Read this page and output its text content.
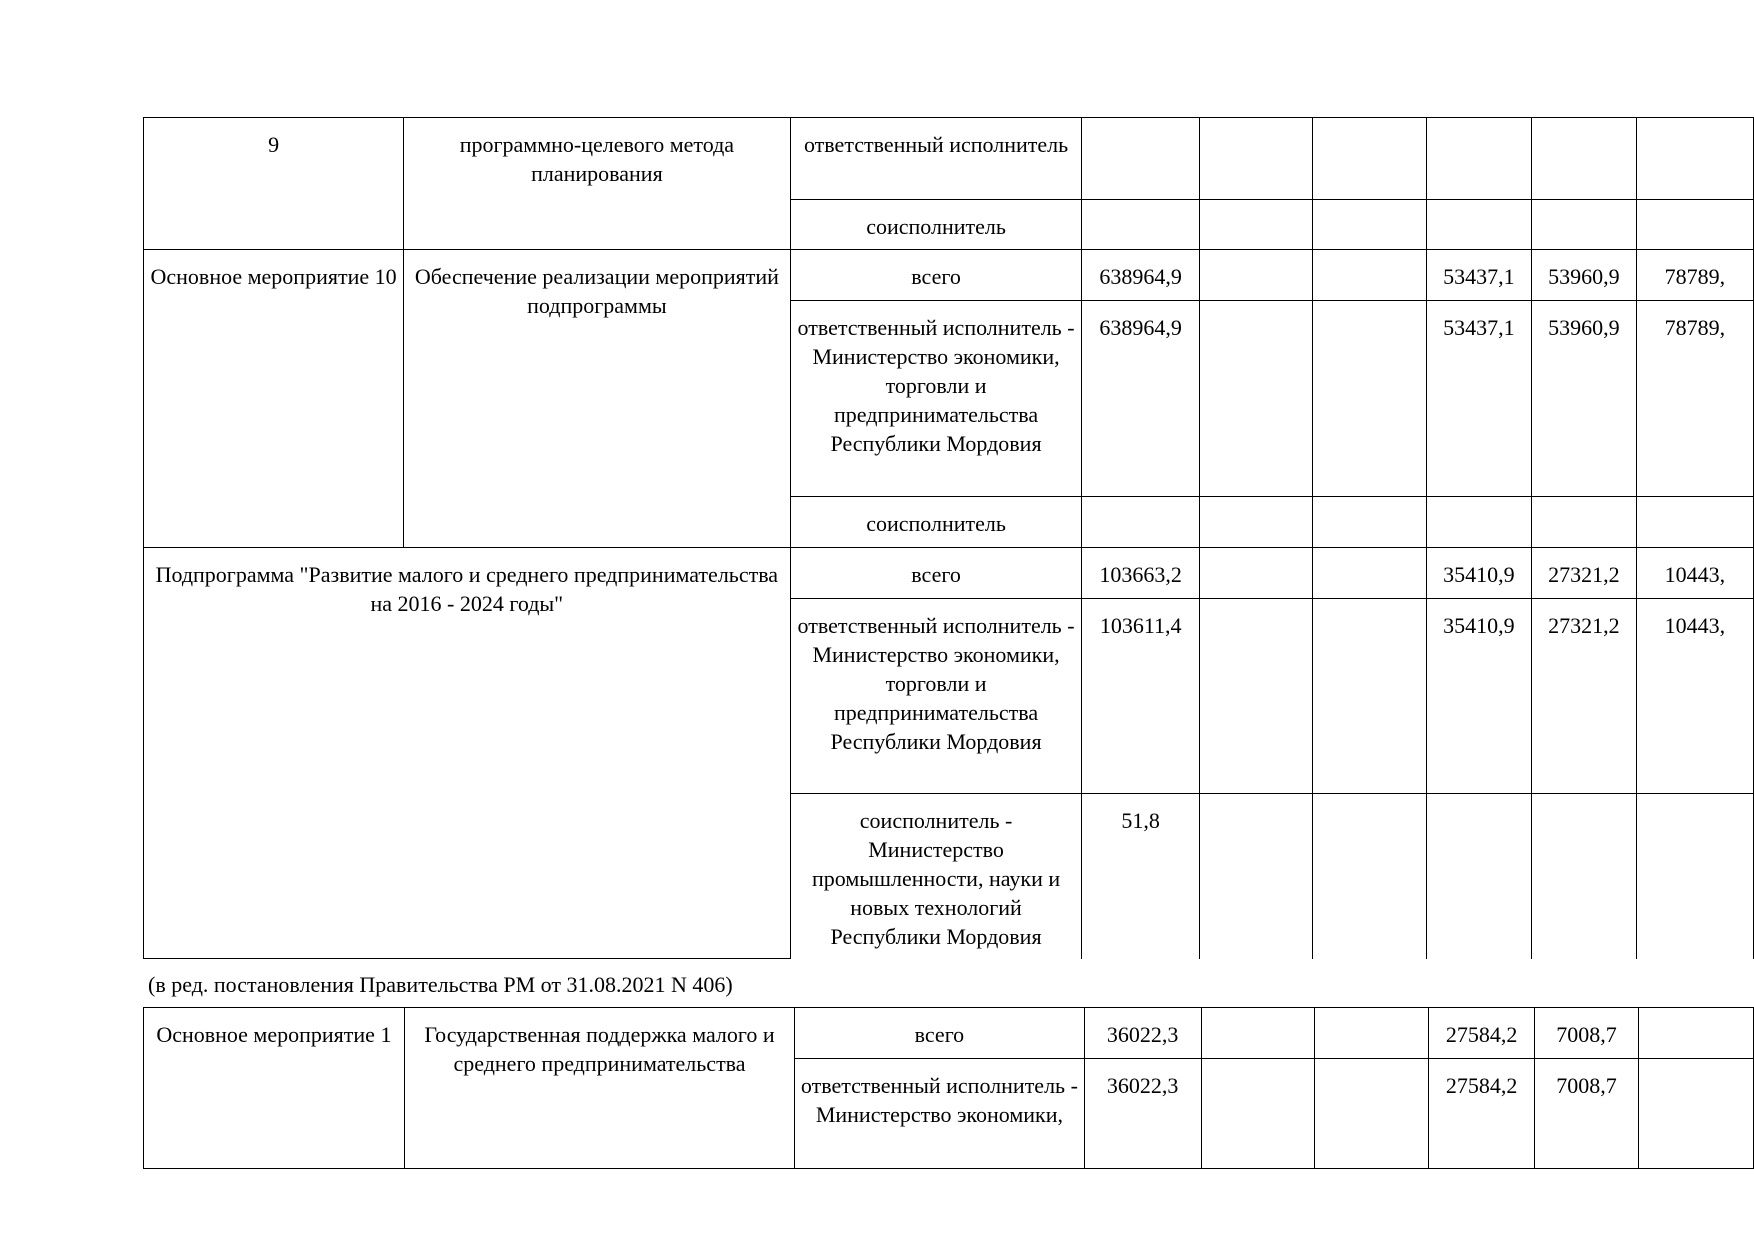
9	программно-целевого метода планирования	ответственный исполнитель						

		соисполнитель						

Основное мероприятие 10	Обеспечение реализации мероприятий подпрограммы	всего	638964,9			53437,1	53960,9	78789,

		ответственный исполнитель - Министерство экономики, торговли и предпринимательства Республики Мордовия	638964,9			53437,1	53960,9	78789,

		соисполнитель						

Подпрограмма "Развитие малого и среднего предпринимательства на 2016 - 2024 годы"		всего	103663,2			35410,9	27321,2	10443,

		ответственный исполнитель - Министерство экономики, торговли и предпринимательства Республики Мордовия	103611,4			35410,9	27321,2	10443,

		соисполнитель - Министерство промышленности, науки и новых технологий Республики Мордовия	51,8					

(в ред. постановления Правительства РМ от 31.08.2021 N 406)
Основное мероприятие 1	Государственная поддержка малого и среднего предпринимательства	всего	36022,3			27584,2	7008,7	

		ответственный исполнитель - Министерство экономики,	36022,3			27584,2	7008,7	
